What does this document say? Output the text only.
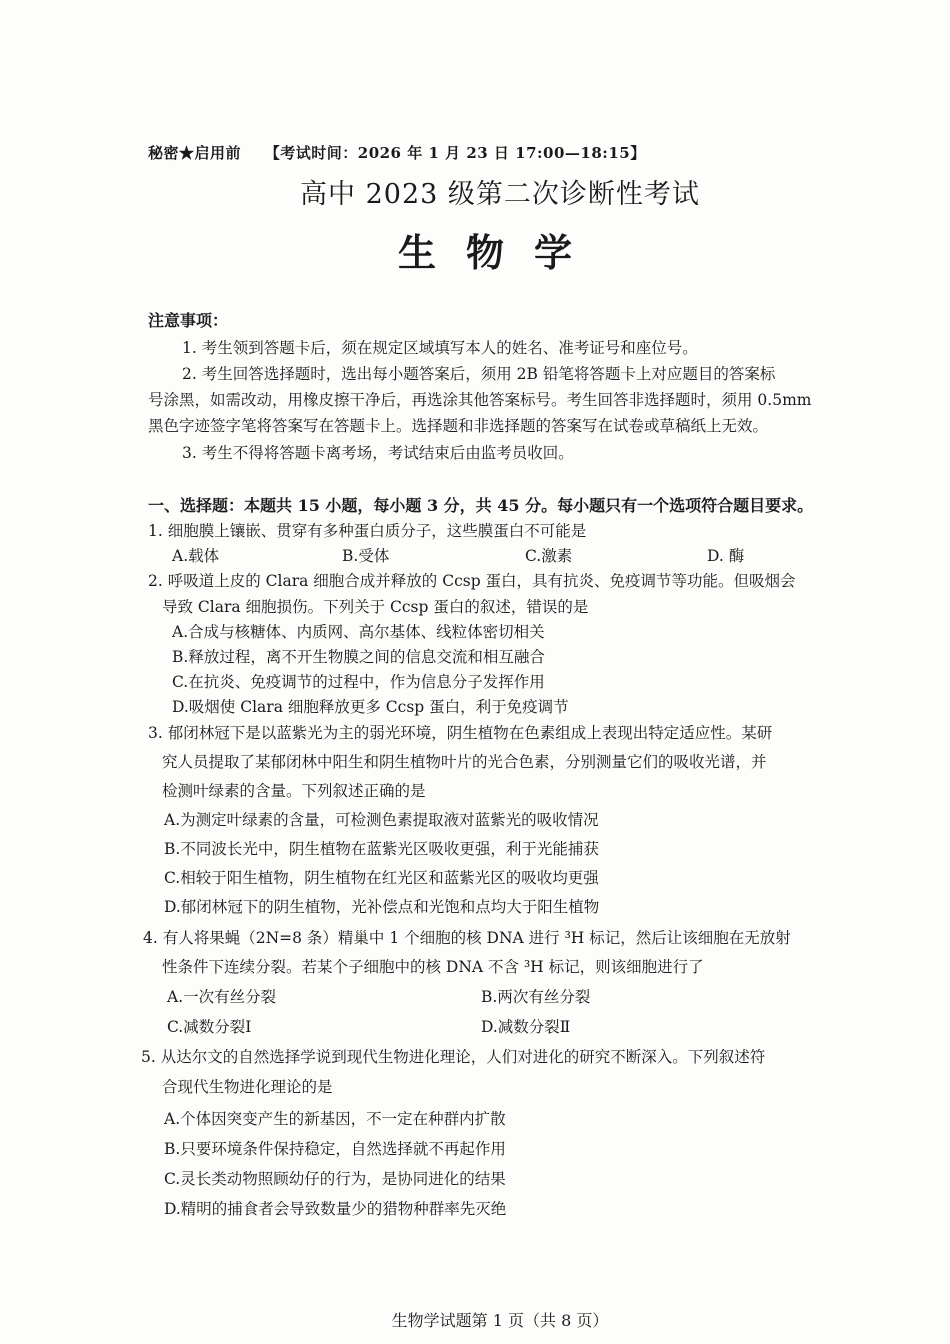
秘密★启用前 【考试时间：2026 年 1 月 23 日 17:00—18:15】
高中 2023 级第二次诊断性考试
生物学
注意事项：
1. 考生领到答题卡后，须在规定区域填写本人的姓名、准考证号和座位号。
2. 考生回答选择题时，选出每小题答案后，须用 2B 铅笔将答题卡上对应题目的答案标
号涂黑，如需改动，用橡皮擦干净后，再选涂其他答案标号。考生回答非选择题时，须用 0.5mm
黑色字迹签字笔将答案写在答题卡上。选择题和非选择题的答案写在试卷或草稿纸上无效。
3. 考生不得将答题卡离考场，考试结束后由监考员收回。
一、选择题：本题共 15 小题，每小题 3 分，共 45 分。每小题只有一个选项符合题目要求。
1. 细胞膜上镶嵌、贯穿有多种蛋白质分子，这些膜蛋白不可能是
A.载体	B.受体	C.激素	D. 酶
2. 呼吸道上皮的 Clara 细胞合成并释放的 Ccsp 蛋白，具有抗炎、免疫调节等功能。但吸烟会
导致 Clara 细胞损伤。下列关于 Ccsp 蛋白的叙述，错误的是
A.合成与核糖体、内质网、高尔基体、线粒体密切相关
B.释放过程，离不开生物膜之间的信息交流和相互融合
C.在抗炎、免疫调节的过程中，作为信息分子发挥作用
D.吸烟使 Clara 细胞释放更多 Ccsp 蛋白，利于免疫调节
3. 郁闭林冠下是以蓝紫光为主的弱光环境，阴生植物在色素组成上表现出特定适应性。某研
究人员提取了某郁闭林中阳生和阴生植物叶片的光合色素，分别测量它们的吸收光谱，并
检测叶绿素的含量。下列叙述正确的是
A.为测定叶绿素的含量，可检测色素提取液对蓝紫光的吸收情况
B.不同波长光中，阴生植物在蓝紫光区吸收更强，利于光能捕获
C.相较于阳生植物，阴生植物在红光区和蓝紫光区的吸收均更强
D.郁闭林冠下的阴生植物，光补偿点和光饱和点均大于阳生植物
4. 有人将果蝇（2N=8 条）精巢中 1 个细胞的核 DNA 进行 ³H 标记，然后让该细胞在无放射
性条件下连续分裂。若某个子细胞中的核 DNA 不含 ³H 标记，则该细胞进行了
A.一次有丝分裂	B.两次有丝分裂
C.减数分裂Ⅰ	D.减数分裂Ⅱ
5. 从达尔文的自然选择学说到现代生物进化理论，人们对进化的研究不断深入。下列叙述符
合现代生物进化理论的是
A.个体因突变产生的新基因，不一定在种群内扩散
B.只要环境条件保持稳定，自然选择就不再起作用
C.灵长类动物照顾幼仔的行为，是协同进化的结果
D.精明的捕食者会导致数量少的猎物种群率先灭绝
生物学试题第 1 页（共 8 页）
